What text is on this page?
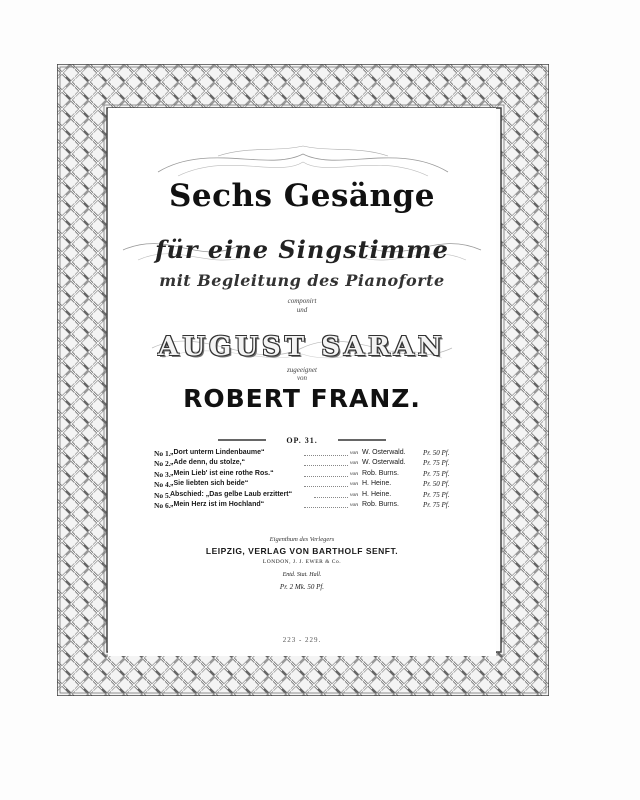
Sechs Gesänge
für eine Singstimme
mit Begleitung des Pianoforte
componirt
und
AUGUST SARAN
zugeeignet
von
ROBERT FRANZ.
OP. 31.
No 1. „Dort unterm Lindenbaume“	von W. Osterwald. Pr. 50 Pf.
No 2. „Ade denn, du stolze,“	von W. Osterwald. Pr. 75 Pf.
No 3. „Mein Lieb' ist eine rothe Ros.“	von Rob. Burns.	Pr. 75 Pf.
No 4. „Sie liebten sich beide“	von H. Heine.	Pr. 50 Pf.
No 5. Abschied: „Das gelbe Laub erzittert“	von H. Heine.	Pr. 75 Pf.
No 6. „Mein Herz ist im Hochland“	von Rob. Burns.	Pr. 75 Pf.
Eigenthum des Verlegers
LEIPZIG, VERLAG VON BARTHOLF SENFT.
LONDON, J. J. EWER & Co.
Entd. Stat. Hall.
Pr. 2 Mk. 50 Pf.
223 - 229.
